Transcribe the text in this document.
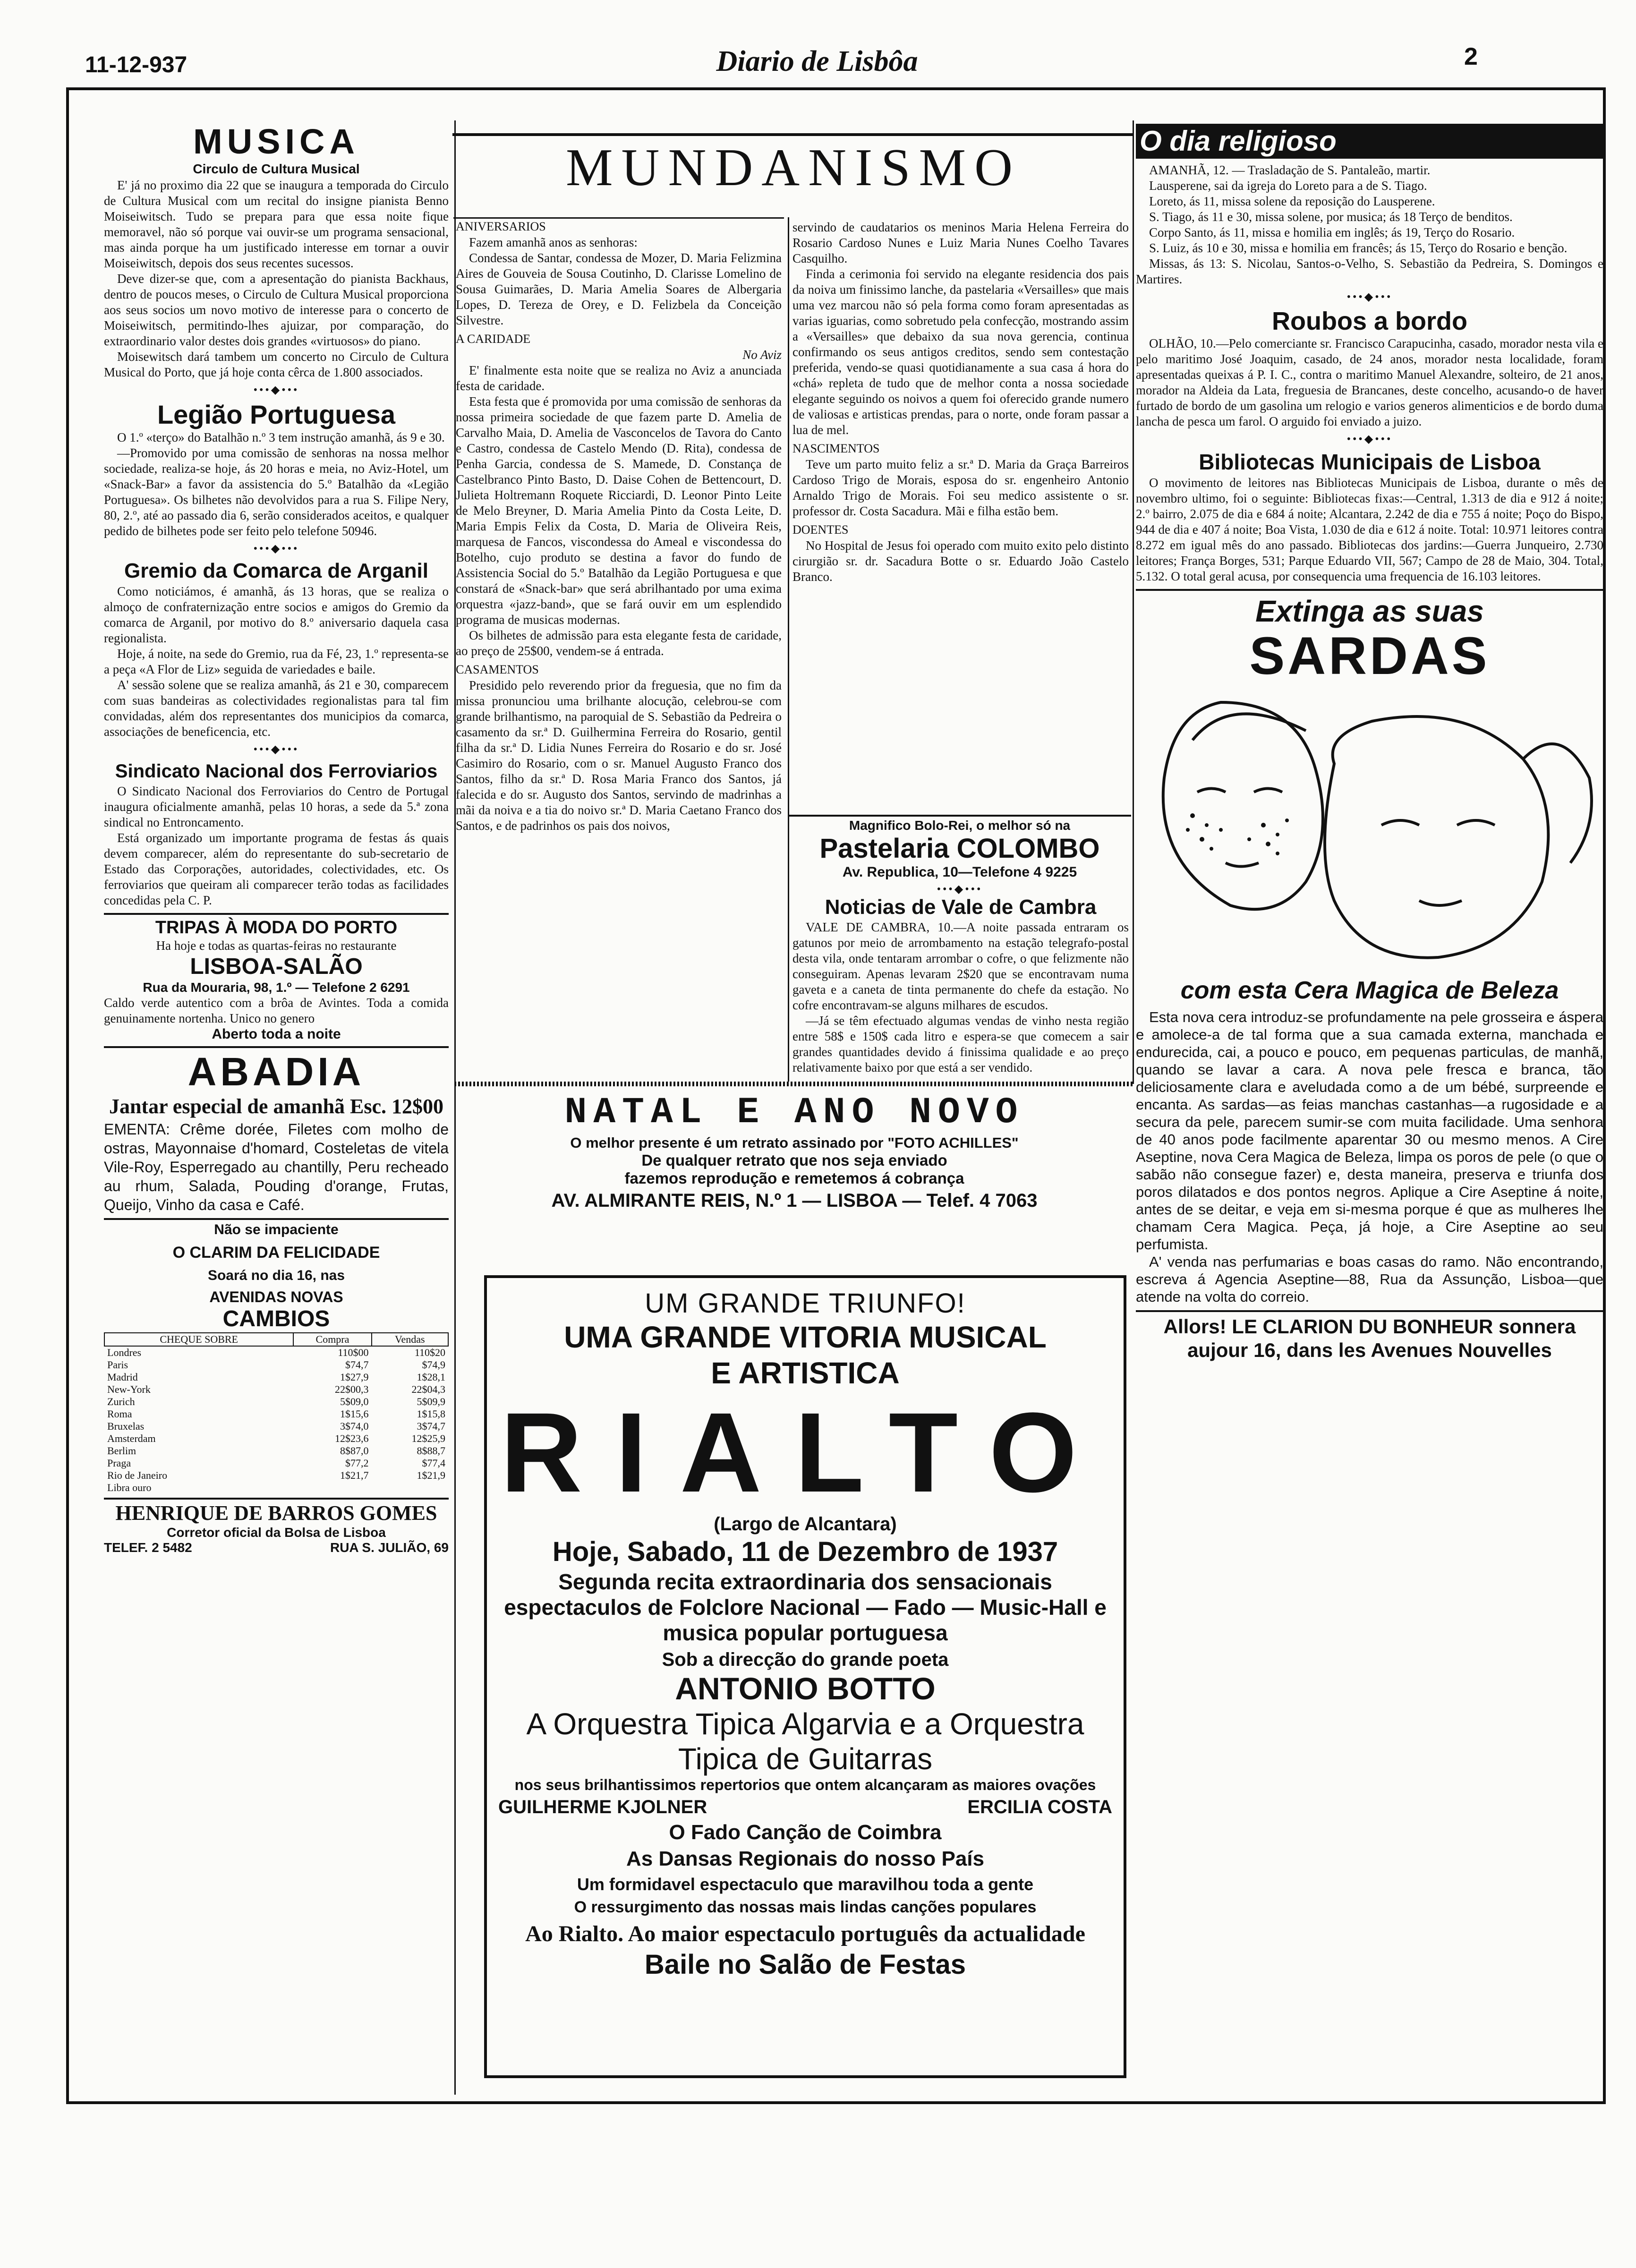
11-12-937	Diario de Lisbôa	2
MUSICA
Circulo de Cultura Musical

E' já no proximo dia 22 que se inaugura a temporada do Circulo de Cultura Musical com um recital do insigne pianista Benno Moiseiwitsch. Tudo se prepara para que essa noite fique memoravel, não só porque vai ouvir-se um programa sensacional, mas ainda porque ha um justificado interesse em tornar a ouvir Moiseiwitsch, depois dos seus recentes sucessos.

Deve dizer-se que, com a apresentação do pianista Backhaus, dentro de poucos meses, o Circulo de Cultura Musical proporciona aos seus socios um novo motivo de interesse para o concerto de Moiseiwitsch, permitindo-lhes ajuizar, por comparação, do extraordinario valor destes dois grandes «virtuosos» do piano.

Moisewitsch dará tambem um concerto no Circulo de Cultura Musical do Porto, que já hoje conta cêrca de 1.800 associados.

•••◆•••
Legião Portuguesa

O 1.º «terço» do Batalhão n.º 3 tem instrução amanhã, ás 9 e 30.

—Promovido por uma comissão de senhoras na nossa melhor sociedade, realiza-se hoje, ás 20 horas e meia, no Aviz-Hotel, um «Snack-Bar» a favor da assistencia do 5.º Batalhão da «Legião Portuguesa». Os bilhetes não devolvidos para a rua S. Filipe Nery, 80, 2.º, até ao passado dia 6, serão considerados aceitos, e qualquer pedido de bilhetes pode ser feito pelo telefone 50946.

•••◆•••
Gremio da Comarca de Arganil

Como noticiámos, é amanhã, ás 13 horas, que se realiza o almoço de confraternização entre socios e amigos do Gremio da comarca de Arganil, por motivo do 8.º aniversario daquela casa regionalista.

Hoje, á noite, na sede do Gremio, rua da Fé, 23, 1.º representa-se a peça «A Flor de Liz» seguida de variedades e baile.

A' sessão solene que se realiza amanhã, ás 21 e 30, comparecem com suas bandeiras as colectividades regionalistas para tal fim convidadas, além dos representantes dos municipios da comarca, associações de beneficencia, etc.

•••◆•••
Sindicato Nacional dos Ferroviarios

O Sindicato Nacional dos Ferroviarios do Centro de Portugal inaugura oficialmente amanhã, pelas 10 horas, a sede da 5.ª zona sindical no Entroncamento.

Está organizado um importante programa de festas ás quais devem comparecer, além do representante do sub-secretario de Estado das Corporações, autoridades, colectividades, etc. Os ferroviarios que queiram ali comparecer terão todas as facilidades concedidas pela C. P.

TRIPAS À MODA DO PORTO
Ha hoje e todas as quartas-feiras no restaurante
LISBOA-SALÃO
Rua da Mouraria, 98, 1.º — Telefone 2 6291
Caldo verde autentico com a brôa de Avintes. Toda a comida genuinamente nortenha. Unico no genero
Aberto toda a noite
ABADIA
Jantar especial de amanhã Esc. 12$00
EMENTA: Crême dorée, Filetes com molho de ostras, Mayonnaise d'homard, Costeletas de vitela Vile-Roy, Esperregado au chantilly, Peru recheado au rhum, Salada, Pouding d'orange, Frutas, Queijo, Vinho da casa e Café.
Não se impaciente
O CLARIM DA FELICIDADE
Soará no dia 16, nas
AVENIDAS NOVAS
CAMBIOS
CHEQUE SOBRE	Compra	Vendas
Londres	110$00	110$20
Paris	$74,7	$74,9
Madrid	1$27,9	1$28,1
New-York	22$00,3	22$04,3
Zurich	5$09,0	5$09,9
Roma	1$15,6	1$15,8
Bruxelas	3$74,0	3$74,7
Amsterdam	12$23,6	12$25,9
Berlim	8$87,0	8$88,7
Praga	$77,2	$77,4
Rio de Janeiro	1$21,7	1$21,9
Libra ouro		
HENRIQUE DE BARROS GOMES
Corretor oficial da Bolsa de Lisboa
TELEF. 2 5482	RUA S. JULIÃO, 69
MUNDANISMO
ANIVERSARIOS

Fazem amanhã anos as senhoras:

Condessa de Santar, condessa de Mozer, D. Maria Felizmina Aires de Gouveia de Sousa Coutinho, D. Clarisse Lomelino de Sousa Guimarães, D. Maria Amelia Soares de Albergaria Lopes, D. Tereza de Orey, e D. Felizbela da Conceição Silvestre.

A CARIDADE
No Aviz

E' finalmente esta noite que se realiza no Aviz a anunciada festa de caridade.

Esta festa que é promovida por uma comissão de senhoras da nossa primeira sociedade de que fazem parte D. Amelia de Carvalho Maia, D. Amelia de Vasconcelos de Tavora do Canto e Castro, condessa de Castelo Mendo (D. Rita), condessa de Penha Garcia, condessa de S. Mamede, D. Constança de Castelbranco Pinto Basto, D. Daise Cohen de Bettencourt, D. Julieta Holtremann Roquete Ricciardi, D. Leonor Pinto Leite de Melo Breyner, D. Maria Amelia Pinto da Costa Leite, D. Maria Empis Felix da Costa, D. Maria de Oliveira Reis, marquesa de Fancos, viscondessa do Ameal e viscondessa do Botelho, cujo produto se destina a favor do fundo de Assistencia Social do 5.º Batalhão da Legião Portuguesa e que constará de «Snack-bar» que será abrilhantado por uma exima orquestra «jazz-band», que se fará ouvir em um esplendido programa de musicas modernas.

Os bilhetes de admissão para esta elegante festa de caridade, ao preço de 25$00, vendem-se á entrada.

CASAMENTOS

Presidido pelo reverendo prior da freguesia, que no fim da missa pronunciou uma brilhante alocução, celebrou-se com grande brilhantismo, na paroquial de S. Sebastião da Pedreira o casamento da sr.ª D. Guilhermina Ferreira do Rosario, gentil filha da sr.ª D. Lidia Nunes Ferreira do Rosario e do sr. José Casimiro do Rosario, com o sr. Manuel Augusto Franco dos Santos, filho da sr.ª D. Rosa Maria Franco dos Santos, já falecida e do sr. Augusto dos Santos, servindo de madrinhas a mãi da noiva e a tia do noivo sr.ª D. Maria Caetano Franco dos Santos, e de padrinhos os pais dos noivos,

servindo de caudatarios os meninos Maria Helena Ferreira do Rosario Cardoso Nunes e Luiz Maria Nunes Coelho Tavares Casquilho.

Finda a cerimonia foi servido na elegante residencia dos pais da noiva um finissimo lanche, da pastelaria «Versailles» que mais uma vez marcou não só pela forma como foram apresentadas as varias iguarias, como sobretudo pela confecção, mostrando assim a «Versailles» que debaixo da sua nova gerencia, continua confirmando os seus antigos creditos, sendo sem contestação preferida, vendo-se quasi quotidianamente a sua casa á hora do «chá» repleta de tudo que de melhor conta a nossa sociedade elegante seguindo os noivos a quem foi oferecido grande numero de valiosas e artisticas prendas, para o norte, onde foram passar a lua de mel.

NASCIMENTOS

Teve um parto muito feliz a sr.ª D. Maria da Graça Barreiros Cardoso Trigo de Morais, esposa do sr. engenheiro Antonio Arnaldo Trigo de Morais. Foi seu medico assistente o sr. professor dr. Costa Sacadura. Mãi e filha estão bem.

DOENTES

No Hospital de Jesus foi operado com muito exito pelo distinto cirurgião sr. dr. Sacadura Botte o sr. Eduardo João Castelo Branco.

Magnifico Bolo-Rei, o melhor só na
Pastelaria COLOMBO
Av. Republica, 10—Telefone 4 9225
•••◆•••
Noticias de Vale de Cambra

VALE DE CAMBRA, 10.—A noite passada entraram os gatunos por meio de arrombamento na estação telegrafo-postal desta vila, onde tentaram arrombar o cofre, o que felizmente não conseguiram. Apenas levaram 2$20 que se encontravam numa gaveta e a caneta de tinta permanente do chefe da estação. No cofre encontravam-se alguns milhares de escudos.

—Já se têm efectuado algumas vendas de vinho nesta região entre 58$ e 150$ cada litro e espera-se que comecem a sair grandes quantidades devido á finissima qualidade e ao preço relativamente baixo por que está a ser vendido.

NATAL E ANO NOVO
O melhor presente é um retrato assinado por "FOTO ACHILLES"
De qualquer retrato que nos seja enviado
fazemos reprodução e remetemos á cobrança
AV. ALMIRANTE REIS, N.º 1 — LISBOA — Telef. 4 7063
UM GRANDE TRIUNFO!
UMA GRANDE VITORIA MUSICAL
E ARTISTICA
RIALTO
(Largo de Alcantara)
Hoje, Sabado, 11 de Dezembro de 1937
Segunda recita extraordinaria dos sensacionais espectaculos de Folclore Nacional — Fado — Music-Hall e musica popular portuguesa
Sob a direcção do grande poeta
ANTONIO BOTTO
A Orquestra Tipica Algarvia e a Orquestra Tipica de Guitarras
nos seus brilhantissimos repertorios que ontem alcançaram as maiores ovações
GUILHERME KJOLNER	ERCILIA COSTA
O Fado Canção de Coimbra
As Dansas Regionais do nosso País
Um formidavel espectaculo que maravilhou toda a gente
O ressurgimento das nossas mais lindas canções populares
Ao Rialto. Ao maior espectaculo português da actualidade
Baile no Salão de Festas
O dia religioso

AMANHÃ, 12. — Trasladação de S. Pantaleão, martir.

Lausperene, sai da igreja do Loreto para a de S. Tiago.

Loreto, ás 11, missa solene da reposição do Lausperene.

S. Tiago, ás 11 e 30, missa solene, por musica; ás 18 Terço de benditos.

Corpo Santo, ás 11, missa e homilia em inglês; ás 19, Terço do Rosario.

S. Luiz, ás 10 e 30, missa e homilia em francês; ás 15, Terço do Rosario e benção.

Missas, ás 13: S. Nicolau, Santos-o-Velho, S. Sebastião da Pedreira, S. Domingos e Martires.

•••◆•••
Roubos a bordo

OLHÃO, 10.—Pelo comerciante sr. Francisco Carapucinha, casado, morador nesta vila e pelo maritimo José Joaquim, casado, de 24 anos, morador nesta localidade, foram apresentadas queixas á P. I. C., contra o maritimo Manuel Alexandre, solteiro, de 21 anos, morador na Aldeia da Lata, freguesia de Brancanes, deste concelho, acusando-o de haver furtado de bordo de um gasolina um relogio e varios generos alimenticios e de bordo duma lancha de pesca um farol. O arguido foi enviado a juizo.

•••◆•••
Bibliotecas Municipais de Lisboa

O movimento de leitores nas Bibliotecas Municipais de Lisboa, durante o mês de novembro ultimo, foi o seguinte: Bibliotecas fixas:—Central, 1.313 de dia e 912 á noite; 2.º bairro, 2.075 de dia e 684 á noite; Alcantara, 2.242 de dia e 755 á noite; Poço do Bispo, 944 de dia e 407 á noite; Boa Vista, 1.030 de dia e 612 á noite. Total: 10.971 leitores contra 8.272 em igual mês do ano passado. Bibliotecas dos jardins:—Guerra Junqueiro, 2.730 leitores; França Borges, 531; Parque Eduardo VII, 567; Campo de 28 de Maio, 304. Total, 5.132. O total geral acusa, por consequencia uma frequencia de 16.103 leitores.

Extinga as suas
SARDAS
com esta Cera Magica de Beleza

Esta nova cera introduz-se profundamente na pele grosseira e áspera e amolece-a de tal forma que a sua camada externa, manchada e endurecida, cai, a pouco e pouco, em pequenas particulas, de manhã, quando se lavar a cara. A nova pele fresca e branca, tão deliciosamente clara e aveludada como a de um bébé, surpreende e encanta. As sardas—as feias manchas castanhas—a rugosidade e a secura da pele, parecem sumir-se com muita facilidade. Uma senhora de 40 anos pode facilmente aparentar 30 ou mesmo menos. A Cire Aseptine, nova Cera Magica de Beleza, limpa os poros de pele (o que o sabão não consegue fazer) e, desta maneira, preserva e triunfa dos poros dilatados e dos pontos negros. Aplique a Cire Aseptine á noite, antes de se deitar, e veja em si-mesma porque é que as mulheres lhe chamam Cera Magica. Peça, já hoje, a Cire Aseptine ao seu perfumista.

A' venda nas perfumarias e boas casas do ramo. Não encontrando, escreva á Agencia Aseptine—88, Rua da Assunção, Lisboa—que atende na volta do correio.

Allors! LE CLARION DU BONHEUR sonnera aujour 16, dans les Avenues Nouvelles
